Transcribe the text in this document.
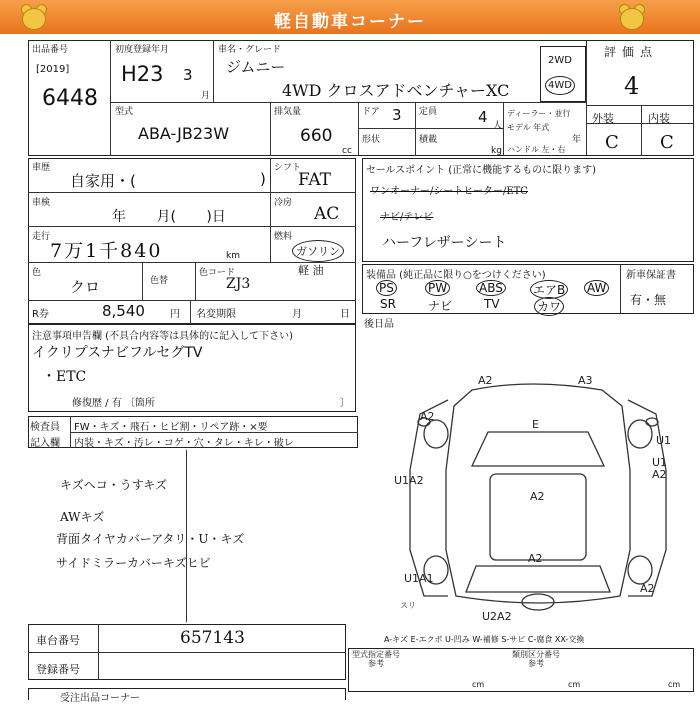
軽自動車コーナー
出品番号
[2019]
6448
初度登録年月
H23 3
月
車名・グレード
ジムニー
4WD クロスアドベンチャーXC
2WD
4WD
評価点
4
外装	内装
C C
型式
ABA-JB23W
排気量
660
cc
ドア 3 定員	4 人
形状	積載
kg
ディーラー・並行
モデル 年式
年
ハンドル 左・右
車歴
自家用・(	)
シフト
FAT
車検
年 月( )日
冷房
AC
走行
7万1千840	km
燃料
ガソリン
軽 油
色
クロ	色替
色コード
ZJ3
R券	8,540	円 名変期限	月	日
セールスポイント (正常に機能するものに限ります)
ワンオーナー/シートヒーター/ETC
ナビ/テレビ
ハーフレザーシート
装備品 (純正品に限り○をつけください)	新車保証書
有・無
PS	PW	ABS	エアB AW
SR	ナビ	TV	カワ
後日品
注意事項申告欄 (不具合内容等は具体的に記入して下さい)
イクリプスナビフルセグTV
・ETC
修復歴 / 有 〔箇所	〕
検査員
記入欄
FW・キズ・飛石・ヒビ割・リペア跡・×要
内装・キズ・汚レ・コゲ・穴・タレ・キレ・破レ
キズヘコ・うすキズ
AWキズ
背面タイヤカバーアタリ・U・キズ
サイドミラーカバーキズヒビ
A2	A3
E
A2
U1
U1A2
A2
A2
U1
A2
U1A1
A2
U2A2
スリ
A-キズ E-エクボ U-凹み W-補修 S-サビ C-腐食 XX-交換
車台番号	657143
登録番号
型式指定番号
参考
類別区分番号
参考
cm	cm	cm
受注出品コーナー
